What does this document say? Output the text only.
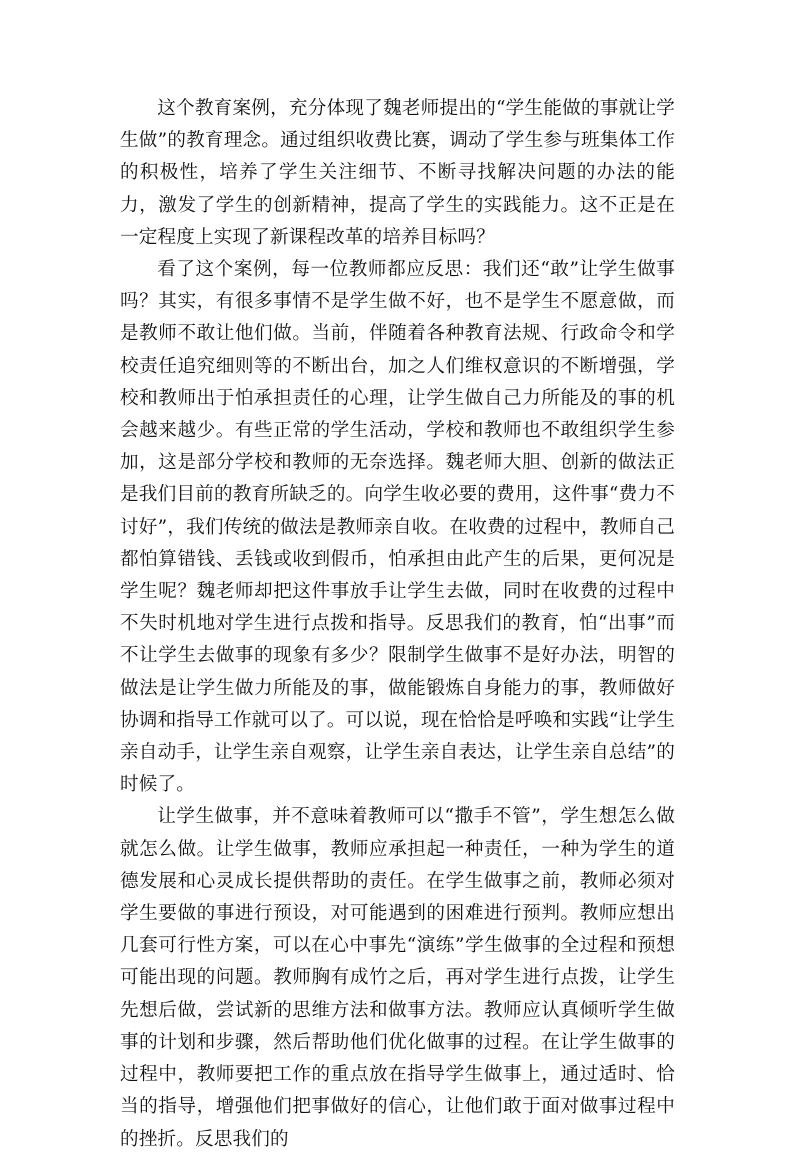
这个教育案例，充分体现了魏老师提出的“学生能做的事就让学生做”的教育理念。通过组织收费比赛，调动了学生参与班集体工作的积极性，培养了学生关注细节、不断寻找解决问题的办法的能力，激发了学生的创新精神，提高了学生的实践能力。这不正是在一定程度上实现了新课程改革的培养目标吗？

看了这个案例，每一位教师都应反思：我们还“敢”让学生做事吗？其实，有很多事情不是学生做不好，也不是学生不愿意做，而是教师不敢让他们做。当前，伴随着各种教育法规、行政命令和学校责任追究细则等的不断出台，加之人们维权意识的不断增强，学校和教师出于怕承担责任的心理，让学生做自己力所能及的事的机会越来越少。有些正常的学生活动，学校和教师也不敢组织学生参加，这是部分学校和教师的无奈选择。魏老师大胆、创新的做法正是我们目前的教育所缺乏的。向学生收必要的费用，这件事“费力不讨好”，我们传统的做法是教师亲自收。在收费的过程中，教师自己都怕算错钱、丢钱或收到假币，怕承担由此产生的后果，更何况是学生呢？魏老师却把这件事放手让学生去做，同时在收费的过程中不失时机地对学生进行点拨和指导。反思我们的教育，怕“出事”而不让学生去做事的现象有多少？限制学生做事不是好办法，明智的做法是让学生做力所能及的事，做能锻炼自身能力的事，教师做好协调和指导工作就可以了。可以说，现在恰恰是呼唤和实践“让学生亲自动手，让学生亲自观察，让学生亲自表达，让学生亲自总结”的时候了。

让学生做事，并不意味着教师可以“撒手不管”，学生想怎么做就怎么做。让学生做事，教师应承担起一种责任，一种为学生的道德发展和心灵成长提供帮助的责任。在学生做事之前，教师必须对学生要做的事进行预设，对可能遇到的困难进行预判。教师应想出几套可行性方案，可以在心中事先“演练”学生做事的全过程和预想可能出现的问题。教师胸有成竹之后，再对学生进行点拨，让学生先想后做，尝试新的思维方法和做事方法。教师应认真倾听学生做事的计划和步骤，然后帮助他们优化做事的过程。在让学生做事的过程中，教师要把工作的重点放在指导学生做事上，通过适时、恰当的指导，增强他们把事做好的信心，让他们敢于面对做事过程中的挫折。反思我们的
